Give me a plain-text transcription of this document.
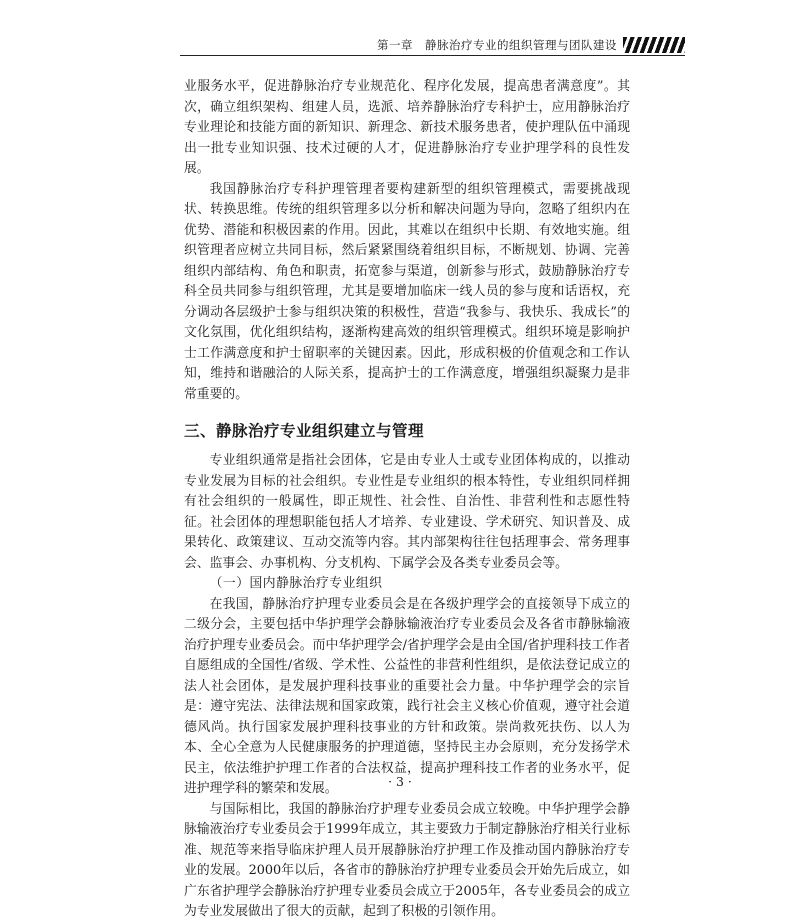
第一章　静脉治疗专业的组织管理与团队建设

业服务水平，促进静脉治疗专业规范化、程序化发展，提高患者满意度”。其次，确立组织架构、组建人员，选派、培养静脉治疗专科护士，应用静脉治疗专业理论和技能方面的新知识、新理念、新技术服务患者，使护理队伍中涌现出一批专业知识强、技术过硬的人才，促进静脉治疗专业护理学科的良性发展。

我国静脉治疗专科护理管理者要构建新型的组织管理模式，需要挑战现状、转换思维。传统的组织管理多以分析和解决问题为导向，忽略了组织内在优势、潜能和积极因素的作用。因此，其难以在组织中长期、有效地实施。组织管理者应树立共同目标，然后紧紧围绕着组织目标，不断规划、协调、完善组织内部结构、角色和职责，拓宽参与渠道，创新参与形式，鼓励静脉治疗专科全员共同参与组织管理，尤其是要增加临床一线人员的参与度和话语权，充分调动各层级护士参与组织决策的积极性，营造“我参与、我快乐、我成长”的文化氛围，优化组织结构，逐渐构建高效的组织管理模式。组织环境是影响护士工作满意度和护士留职率的关键因素。因此，形成积极的价值观念和工作认知，维持和谐融洽的人际关系，提高护士的工作满意度，增强组织凝聚力是非常重要的。

三、静脉治疗专业组织建立与管理

专业组织通常是指社会团体，它是由专业人士或专业团体构成的，以推动专业发展为目标的社会组织。专业性是专业组织的根本特性，专业组织同样拥有社会组织的一般属性，即正规性、社会性、自治性、非营利性和志愿性特征。社会团体的理想职能包括人才培养、专业建设、学术研究、知识普及、成果转化、政策建议、互动交流等内容。其内部架构往往包括理事会、常务理事会、监事会、办事机构、分支机构、下属学会及各类专业委员会等。

（一）国内静脉治疗专业组织

在我国，静脉治疗护理专业委员会是在各级护理学会的直接领导下成立的二级分会，主要包括中华护理学会静脉输液治疗专业委员会及各省市静脉输液治疗护理专业委员会。而中华护理学会/省护理学会是由全国/省护理科技工作者自愿组成的全国性/省级、学术性、公益性的非营利性组织，是依法登记成立的法人社会团体，是发展护理科技事业的重要社会力量。中华护理学会的宗旨是：遵守宪法、法律法规和国家政策，践行社会主义核心价值观，遵守社会道德风尚。执行国家发展护理科技事业的方针和政策。崇尚救死扶伤、以人为本、全心全意为人民健康服务的护理道德，坚持民主办会原则，充分发扬学术民主，依法维护护理工作者的合法权益，提高护理科技工作者的业务水平，促进护理学科的繁荣和发展。

与国际相比，我国的静脉治疗护理专业委员会成立较晚。中华护理学会静脉输液治疗专业委员会于1999年成立，其主要致力于制定静脉治疗相关行业标准、规范等来指导临床护理人员开展静脉治疗护理工作及推动国内静脉治疗专业的发展。2000年以后，各省市的静脉治疗护理专业委员会开始先后成立，如广东省护理学会静脉治疗护理专业委员会成立于2005年，各专业委员会的成立为专业发展做出了很大的贡献，起到了积极的引领作用。

· 3 ·
